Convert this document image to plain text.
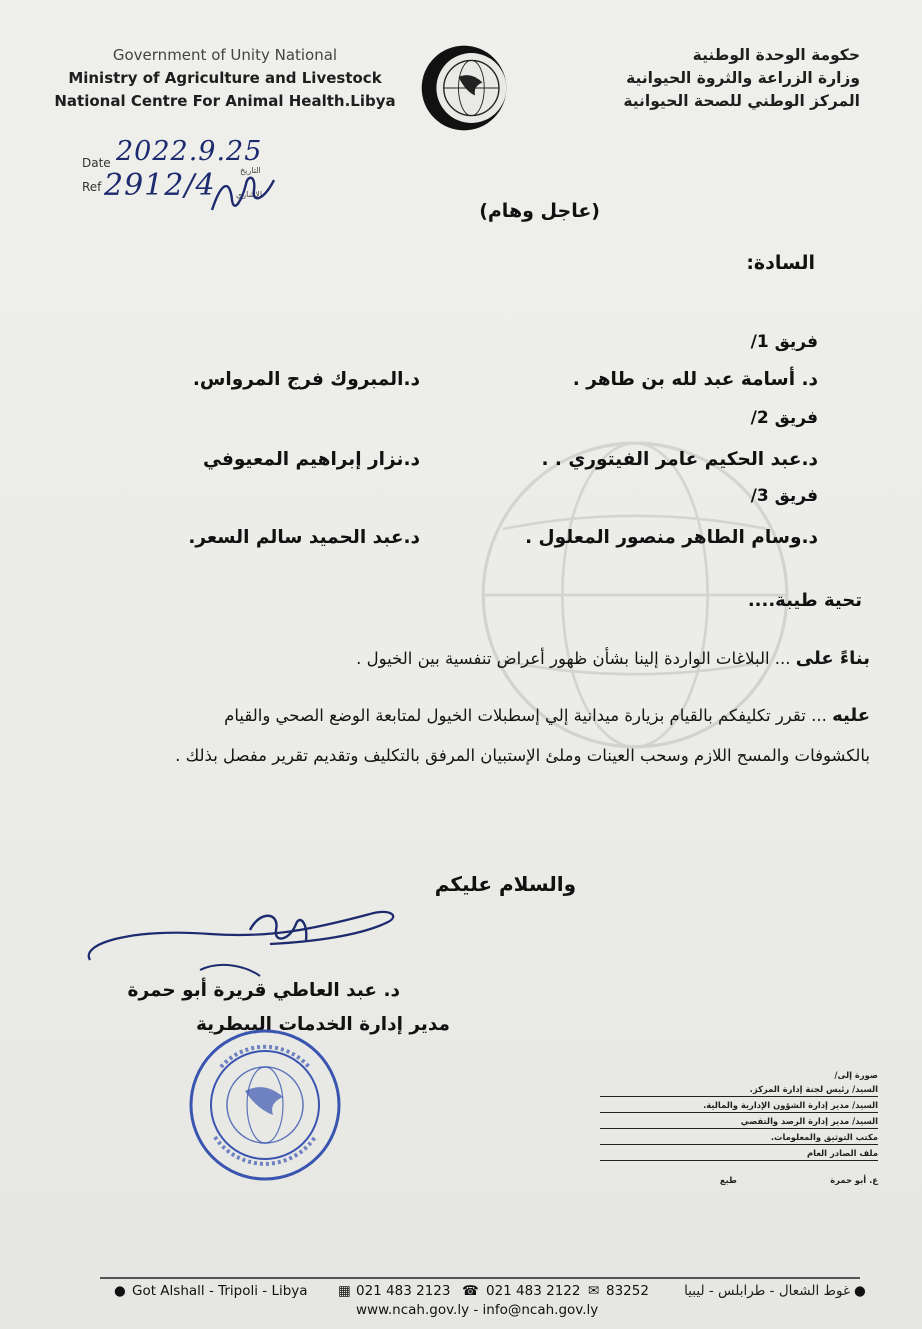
Government of Unity National
Ministry of Agriculture and Livestock
National Centre For Animal Health.Libya
حكومة الوحدة الوطنية
وزارة الزراعة والثروة الحيوانية
المركز الوطني للصحة الحيوانية
Date
التاريخ
Ref
الإشاري
2022.9.25
2912/4
(عاجل وهام)
السادة:
فريق 1/
د. أسامة عبد لله بن طاهر .
د.المبروك فرج المرواس.
فريق 2/
د.عبد الحكيم عامر الفيتوري . .
د.نزار إبراهيم المعيوفي
فريق 3/
د.وسام الطاهر منصور المعلول .
د.عبد الحميد سالم السعر.
تحية طيبة....
بناءً على ... البلاغات الواردة إلينا بشأن ظهور أعراض تنفسية بين الخيول .
عليه ... تقرر تكليفكم بالقيام بزيارة ميدانية إلي إسطبلات الخيول لمتابعة الوضع الصحي والقيام
بالكشوفات والمسح اللازم وسحب العينات وملئ الإستبيان المرفق بالتكليف وتقديم تقرير مفصل بذلك .
والسلام عليكم
د. عبد العاطي قريرة أبو حمرة
مدير إدارة الخدمات البيطرية
صورة إلى/
السيد/ رئيس لجنة إدارة المركز.
السيد/ مدير إدارة الشؤون الإدارية والمالية.
السيد/ مدير إدارة الرصد والتقصي
مكتب التوثيق والمعلومات.
ملف الصادر العام
ع. أبو حمرة                                طبع
● Got Alshall - Tripoli - Libya ▦ 021 483 2123 ☎ 021 483 2122 ✉ 83252	غوط الشعال - طرابلس - ليبيا ●
www.ncah.gov.ly - info@ncah.gov.ly
